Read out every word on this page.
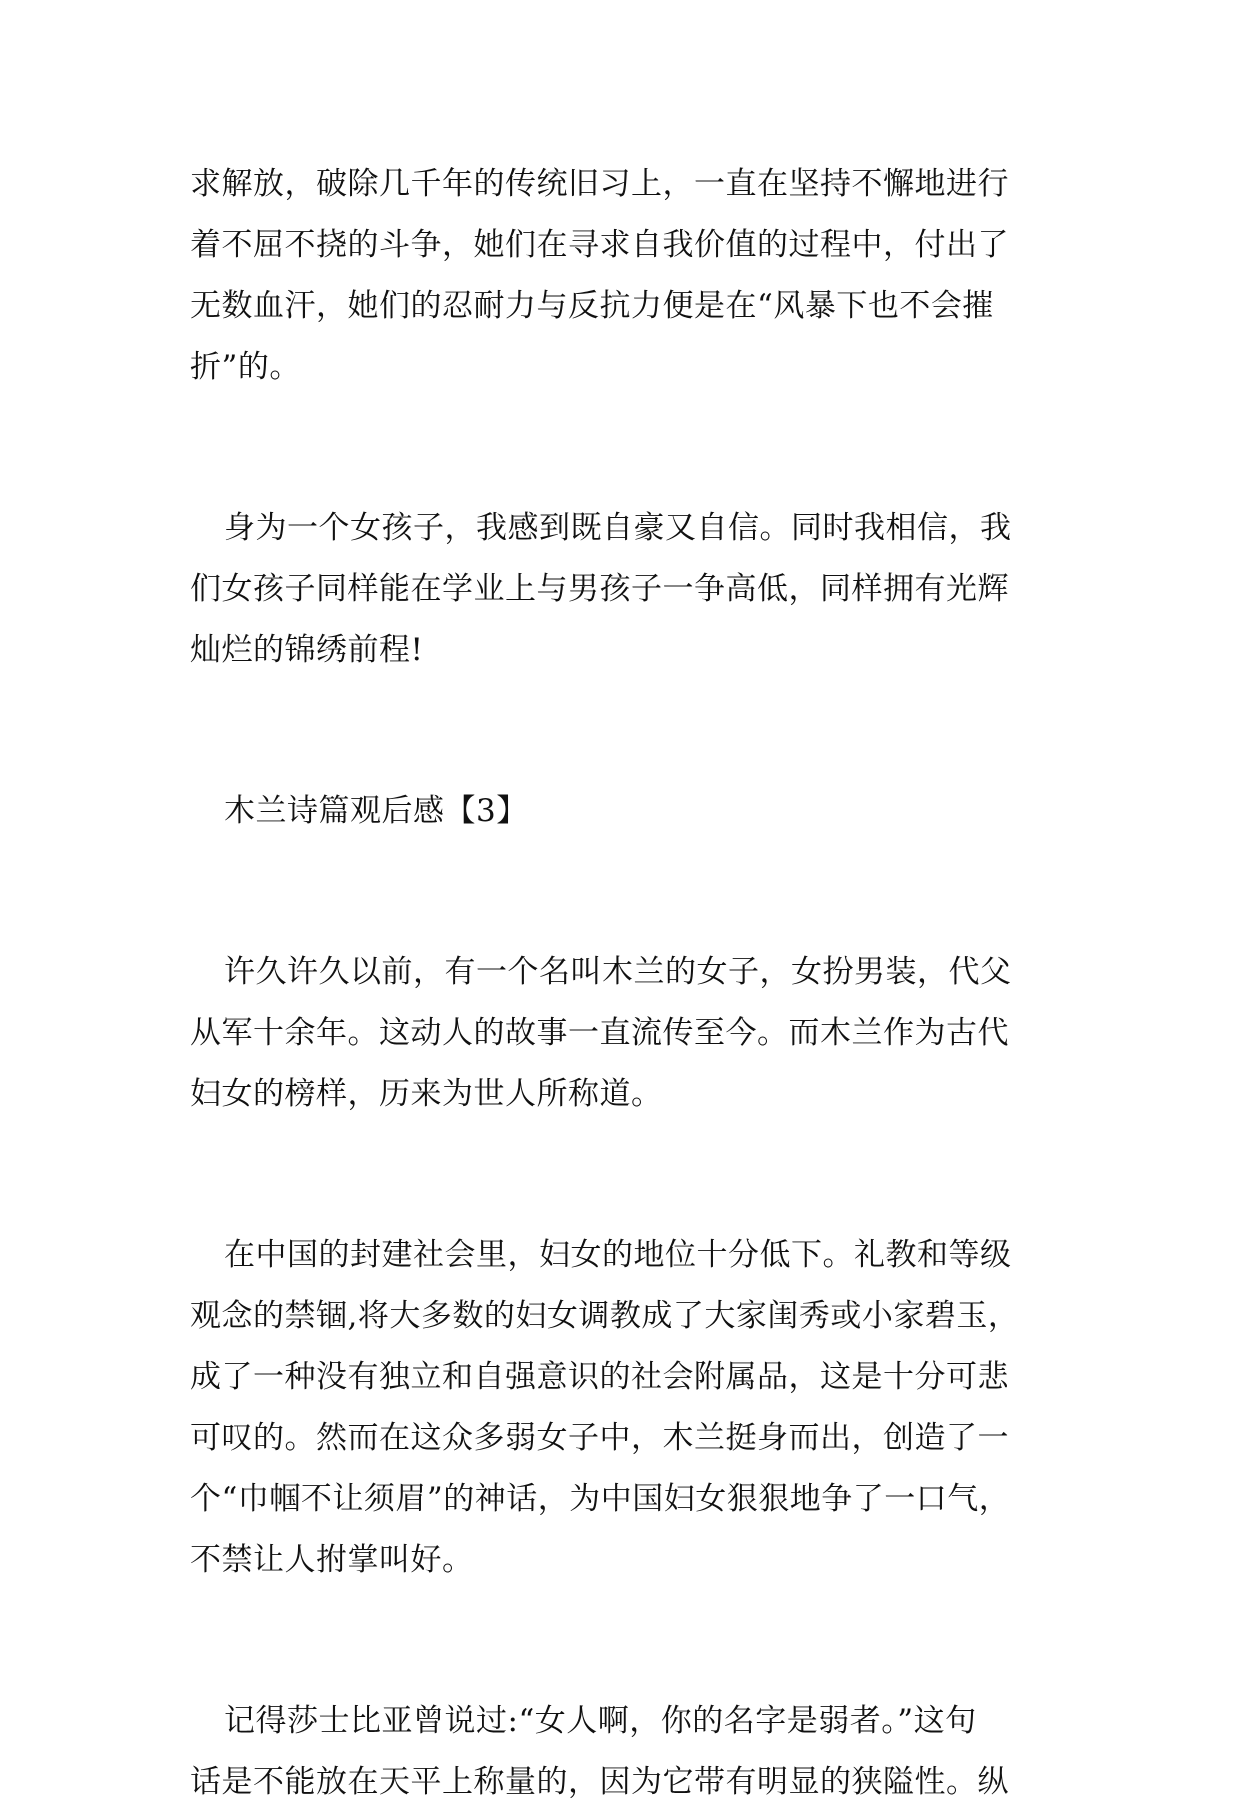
求解放，破除几千年的传统旧习上，一直在坚持不懈地进行
着不屈不挠的斗争，她们在寻求自我价值的过程中，付出了
无数血汗，她们的忍耐力与反抗力便是在“风暴下也不会摧
折”的。
身为一个女孩子，我感到既自豪又自信。同时我相信，我
们女孩子同样能在学业上与男孩子一争高低，同样拥有光辉
灿烂的锦绣前程!
木兰诗篇观后感【3】
许久许久以前，有一个名叫木兰的女子，女扮男装，代父
从军十余年。这动人的故事一直流传至今。而木兰作为古代
妇女的榜样，历来为世人所称道。
在中国的封建社会里，妇女的地位十分低下。礼教和等级
观念的禁锢,将大多数的妇女调教成了大家闺秀或小家碧玉，
成了一种没有独立和自强意识的社会附属品，这是十分可悲
可叹的。然而在这众多弱女子中，木兰挺身而出，创造了一
个“巾帼不让须眉”的神话，为中国妇女狠狠地争了一口气，
不禁让人拊掌叫好。
记得莎士比亚曾说过:“女人啊，你的名字是弱者。”这句
话是不能放在天平上称量的，因为它带有明显的狭隘性。纵
